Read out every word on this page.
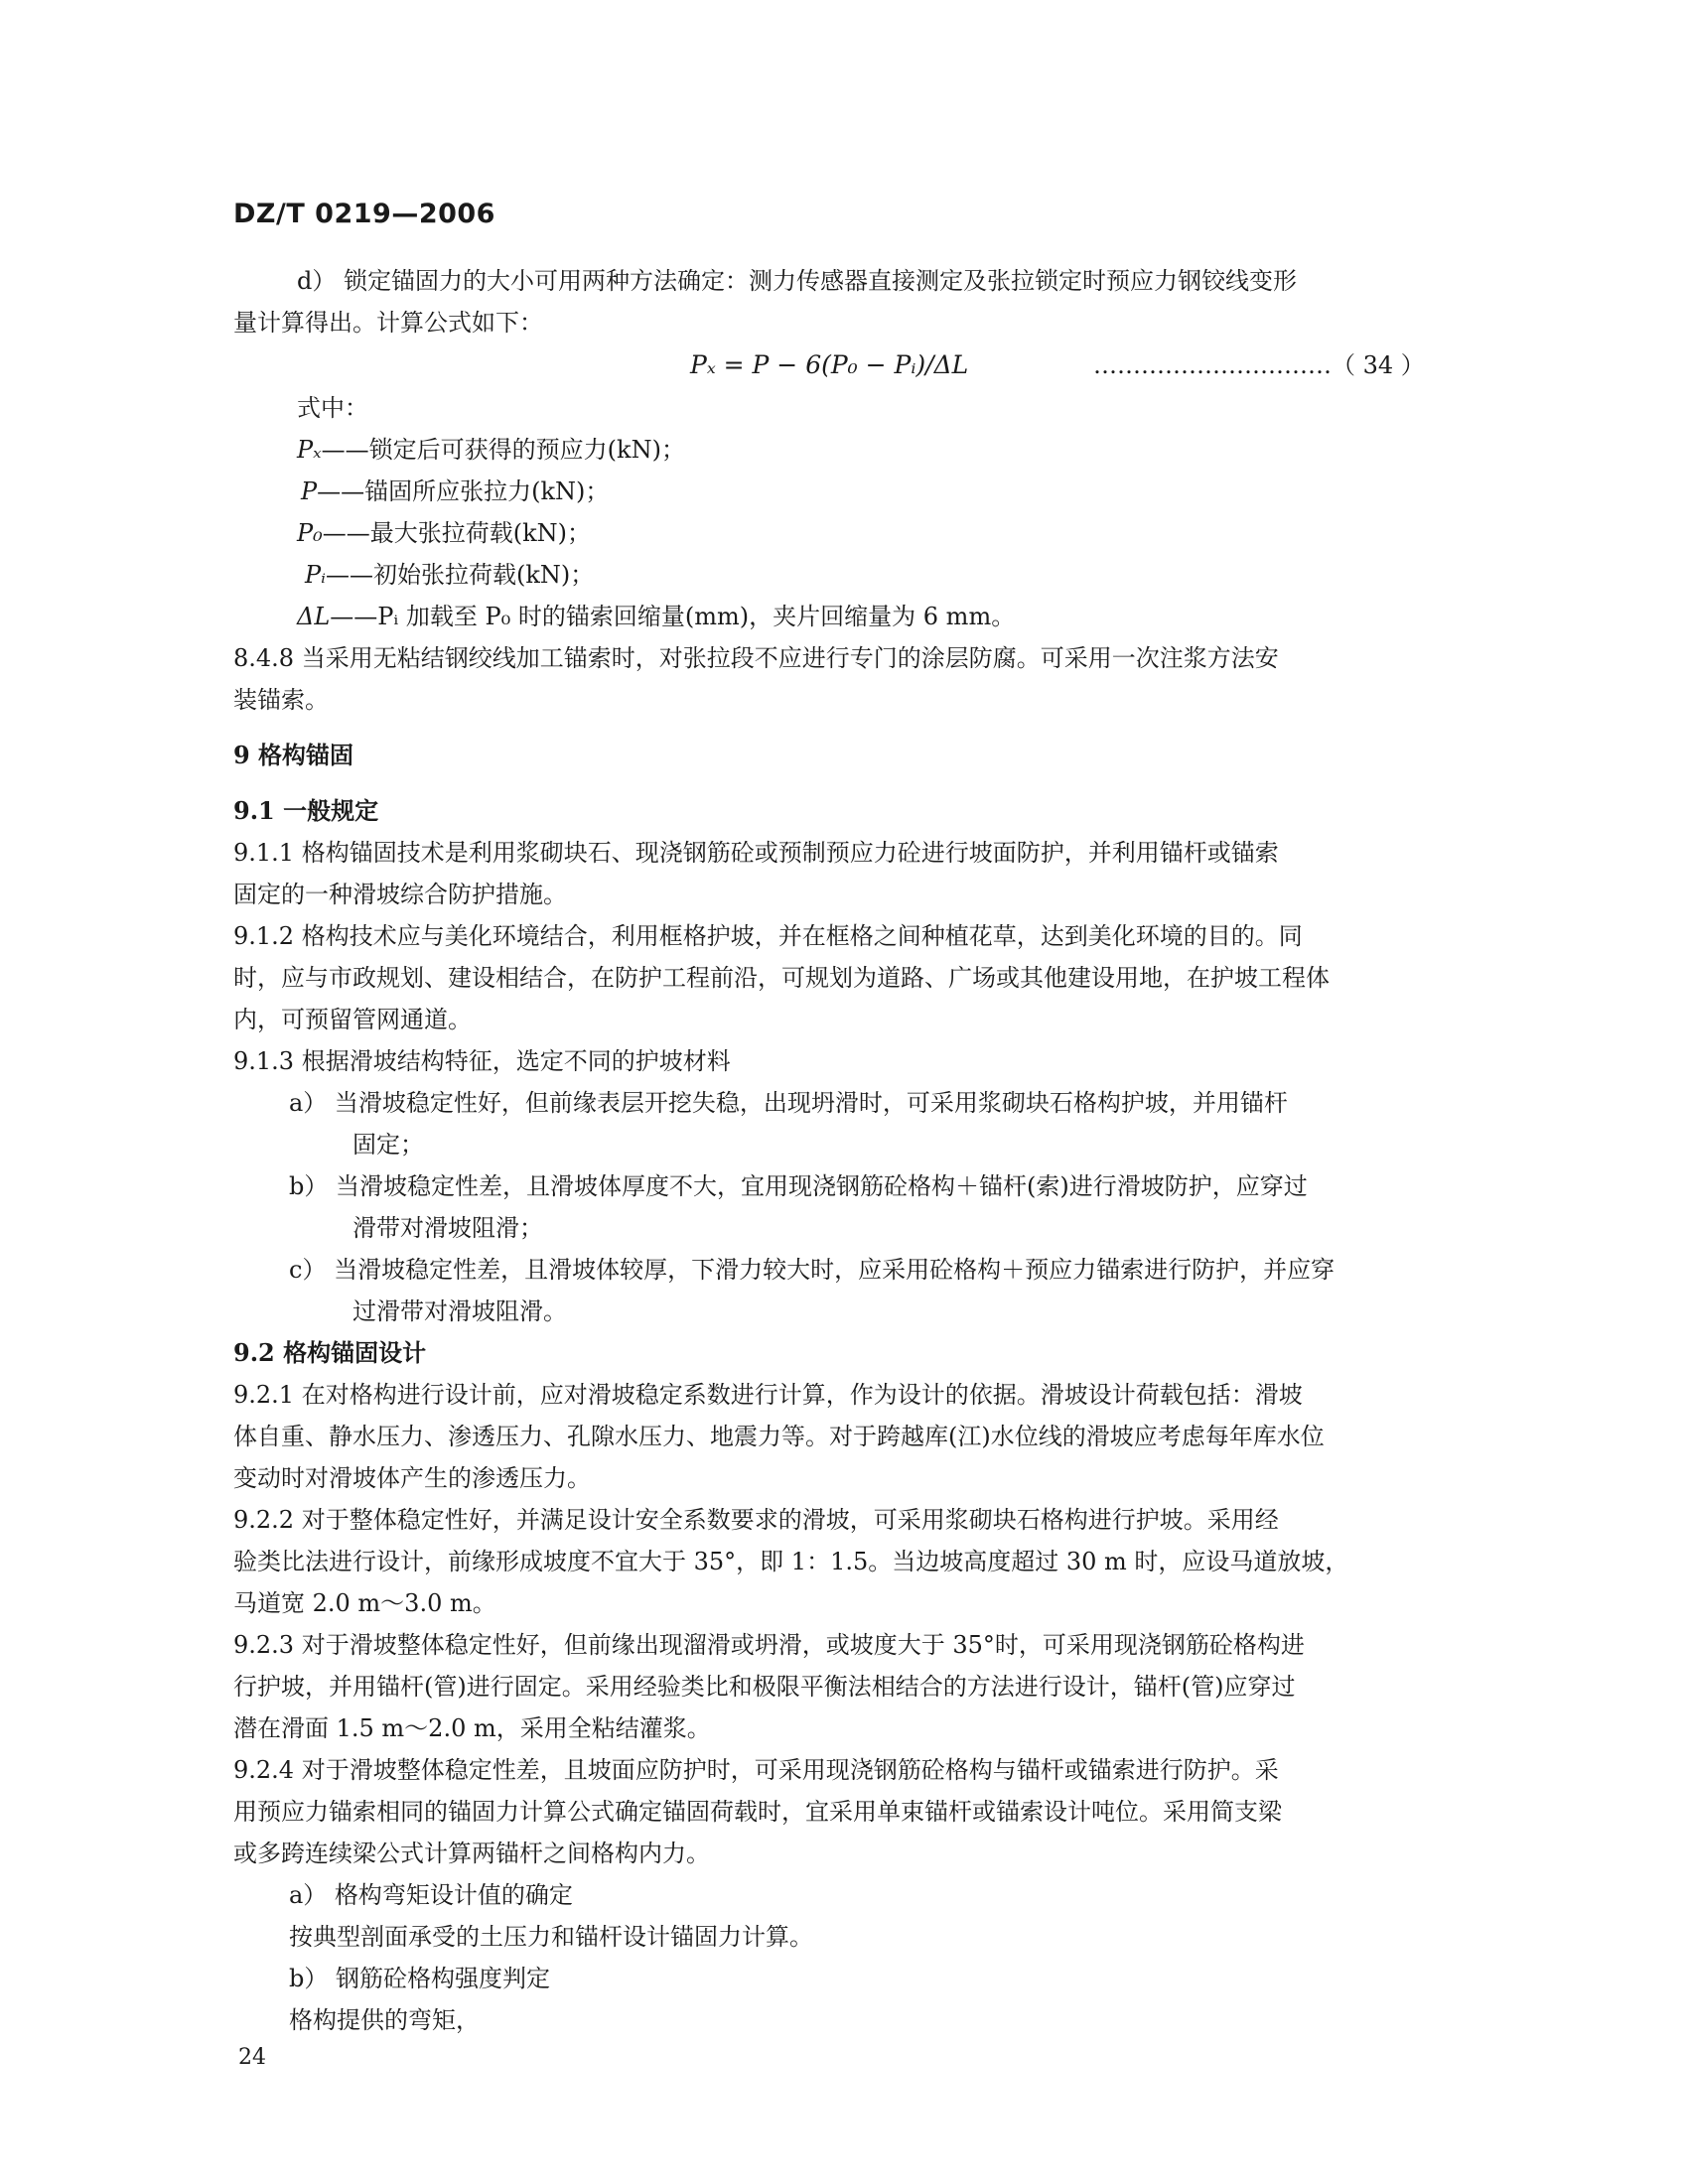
DZ/T 0219—2006
d） 锁定锚固力的大小可用两种方法确定：测力传感器直接测定及张拉锁定时预应力钢铰线变形
量计算得出。计算公式如下：
Pₓ = P − 6(P₀ − Pᵢ)/ΔL	…………………………（ 34 ）
式中：
Pₓ——锁定后可获得的预应力(kN)；
P——锚固所应张拉力(kN)；
P₀——最大张拉荷载(kN)；
Pᵢ——初始张拉荷载(kN)；
ΔL——Pᵢ 加载至 P₀ 时的锚索回缩量(mm)，夹片回缩量为 6 mm。
8.4.8 当采用无粘结钢绞线加工锚索时，对张拉段不应进行专门的涂层防腐。可采用一次注浆方法安
装锚索。
9 格构锚固
9.1 一般规定
9.1.1 格构锚固技术是利用浆砌块石、现浇钢筋砼或预制预应力砼进行坡面防护，并利用锚杆或锚索
固定的一种滑坡综合防护措施。
9.1.2 格构技术应与美化环境结合，利用框格护坡，并在框格之间种植花草，达到美化环境的目的。同
时，应与市政规划、建设相结合，在防护工程前沿，可规划为道路、广场或其他建设用地，在护坡工程体
内，可预留管网通道。
9.1.3 根据滑坡结构特征，选定不同的护坡材料
a） 当滑坡稳定性好，但前缘表层开挖失稳，出现坍滑时，可采用浆砌块石格构护坡，并用锚杆
固定；
b） 当滑坡稳定性差，且滑坡体厚度不大，宜用现浇钢筋砼格构＋锚杆(索)进行滑坡防护，应穿过
滑带对滑坡阻滑；
c） 当滑坡稳定性差，且滑坡体较厚，下滑力较大时，应采用砼格构＋预应力锚索进行防护，并应穿
过滑带对滑坡阻滑。
9.2 格构锚固设计
9.2.1 在对格构进行设计前，应对滑坡稳定系数进行计算，作为设计的依据。滑坡设计荷载包括：滑坡
体自重、静水压力、渗透压力、孔隙水压力、地震力等。对于跨越库(江)水位线的滑坡应考虑每年库水位
变动时对滑坡体产生的渗透压力。
9.2.2 对于整体稳定性好，并满足设计安全系数要求的滑坡，可采用浆砌块石格构进行护坡。采用经
验类比法进行设计，前缘形成坡度不宜大于 35°，即 1：1.5。当边坡高度超过 30 m 时，应设马道放坡，
马道宽 2.0 m～3.0 m。
9.2.3 对于滑坡整体稳定性好，但前缘出现溜滑或坍滑，或坡度大于 35°时，可采用现浇钢筋砼格构进
行护坡，并用锚杆(管)进行固定。采用经验类比和极限平衡法相结合的方法进行设计，锚杆(管)应穿过
潜在滑面 1.5 m～2.0 m，采用全粘结灌浆。
9.2.4 对于滑坡整体稳定性差，且坡面应防护时，可采用现浇钢筋砼格构与锚杆或锚索进行防护。采
用预应力锚索相同的锚固力计算公式确定锚固荷载时，宜采用单束锚杆或锚索设计吨位。采用简支梁
或多跨连续梁公式计算两锚杆之间格构内力。
a） 格构弯矩设计值的确定
按典型剖面承受的土压力和锚杆设计锚固力计算。
b） 钢筋砼格构强度判定
格构提供的弯矩，
24
